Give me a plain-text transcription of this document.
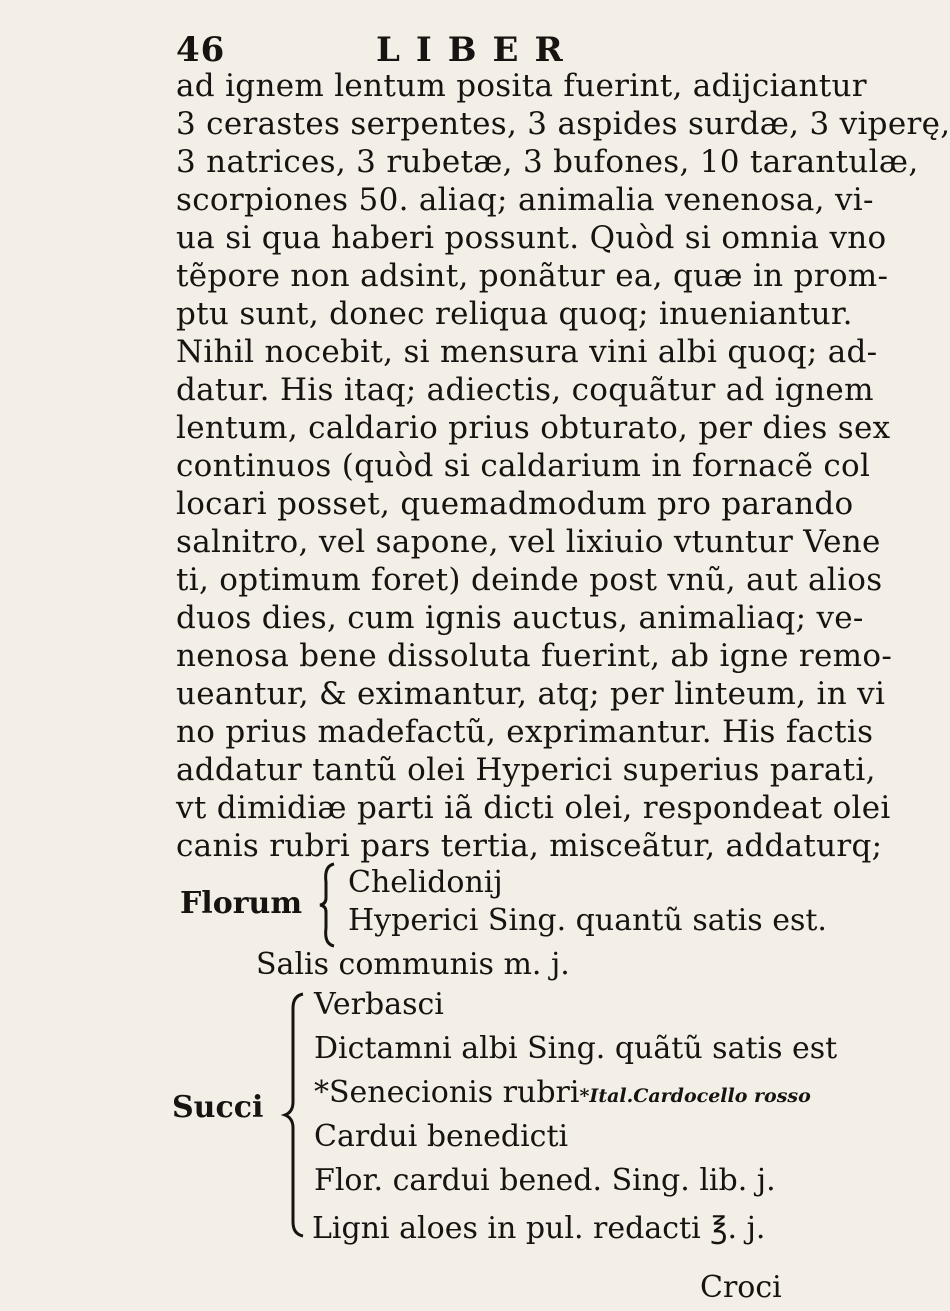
46	LIBER
ad ignem lentum posita fuerint, adijciantur
3 cerastes serpentes, 3 aspides surdæ, 3 viperę,
3 natrices, 3 rubetæ, 3 bufones, 10 tarantulæ,
scorpiones 50. aliaq; animalia venenosa, vi-
ua si qua haberi possunt. Quòd si omnia vno
tẽpore non adsint, ponãtur ea, quæ in prom-
ptu sunt, donec reliqua quoq; inueniantur.
Nihil nocebit, si mensura vini albi quoq; ad-
datur. His itaq; adiectis, coquãtur ad ignem
lentum, caldario prius obturato, per dies sex
continuos (quòd si caldarium in fornacẽ col
locari posset, quemadmodum pro parando
salnitro, vel sapone, vel lixiuio vtuntur Vene
ti, optimum foret) deinde post vnũ, aut alios
duos dies, cum ignis auctus, animaliaq; ve-
nenosa bene dissoluta fuerint, ab igne remo-
ueantur, & eximantur, atq; per linteum, in vi
no prius madefactũ, exprimantur. His factis
addatur tantũ olei Hyperici superius parati,
vt dimidiæ parti iã dicti olei, respondeat olei
canis rubri pars tertia, misceãtur, addaturq;
Florum
Chelidonij
Hyperici Sing. quantũ satis est.
Salis communis m. j.
Succi
Verbasci
Dictamni albi Sing. quãtũ satis est
*Senecionis rubri*Ital.Cardocello rosso
Cardui benedicti
Flor. cardui bened. Sing. lib. j.
Ligni aloes in pul. redacti ℥. j.
Croci
